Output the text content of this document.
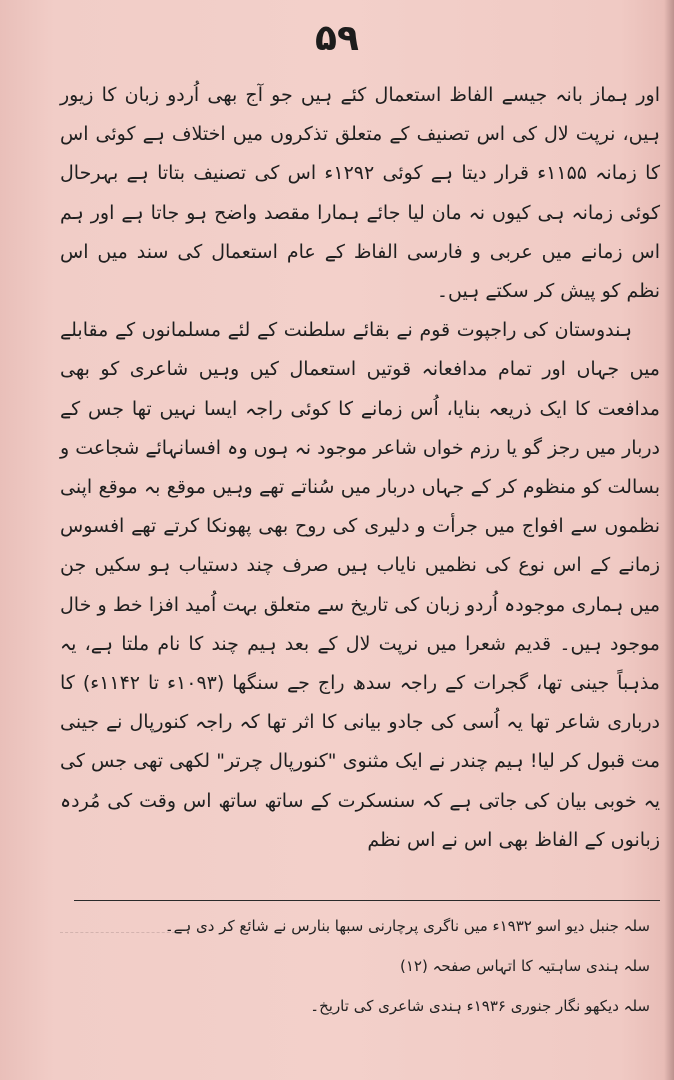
۵۹

اور ہماز بانہ جیسے الفاظ استعمال کئے ہیں جو آج بھی اُردو زبان کا زیور ہیں، نرپت لال کی اس تصنیف کے متعلق تذکروں میں اختلاف ہے کوئی اس کا زمانہ ۱۱۵۵ء قرار دیتا ہے کوئی ۱۲۹۲ء اس کی تصنیف بتاتا ہے بہرحال کوئی زمانہ ہی کیوں نہ مان لیا جائے ہمارا مقصد واضح ہو جاتا ہے اور ہم اس زمانے میں عربی و فارسی الفاظ کے عام استعمال کی سند میں اس نظم کو پیش کر سکتے ہیں۔

ہندوستان کی راجپوت قوم نے بقائے سلطنت کے لئے مسلمانوں کے مقابلے میں جہاں اور تمام مدافعانہ قوتیں استعمال کیں وہیں شاعری کو بھی مدافعت کا ایک ذریعہ بنایا، اُس زمانے کا کوئی راجہ ایسا نہیں تھا جس کے دربار میں رجز گو یا رزم خواں شاعر موجود نہ ہوں وہ افسانہائے شجاعت و بسالت کو منظوم کر کے جہاں دربار میں سُناتے تھے وہیں موقع بہ موقع اپنی نظموں سے افواج میں جرأت و دلیری کی روح بھی پھونکا کرتے تھے افسوس زمانے کے اس نوع کی نظمیں نایاب ہیں صرف چند دستیاب ہو سکیں جن میں ہماری موجودہ اُردو زبان کی تاریخ سے متعلق بہت اُمید افزا خط و خال موجود ہیں۔ قدیم شعرا میں نرپت لال کے بعد ہیم چند کا نام ملتا ہے، یہ مذہباً جینی تھا، گجرات کے راجہ سدھ راج جے سنگھا (۱۰۹۳ء تا ۱۱۴۲ء) کا درباری شاعر تھا یہ اُسی کی جادو بیانی کا اثر تھا کہ راجہ کنورپال نے جینی مت قبول کر لیا! ہیم چندر نے ایک مثنوی "کنورپال چرتر" لکھی تھی جس کی یہ خوبی بیان کی جاتی ہے کہ سنسکرت کے ساتھ ساتھ اس وقت کی مُردہ زبانوں کے الفاظ بھی اس نے اس نظم

سلہ جنبل دیو اسو ۱۹۳۲ء میں ناگری پرچارنی سبھا بنارس نے شائع کر دی ہے۔
سلہ ہندی ساہتیہ کا اتہاس صفحہ (۱۲)
سلہ دیکھو نگار جنوری ۱۹۳۶ء ہندی شاعری کی تاریخ۔
